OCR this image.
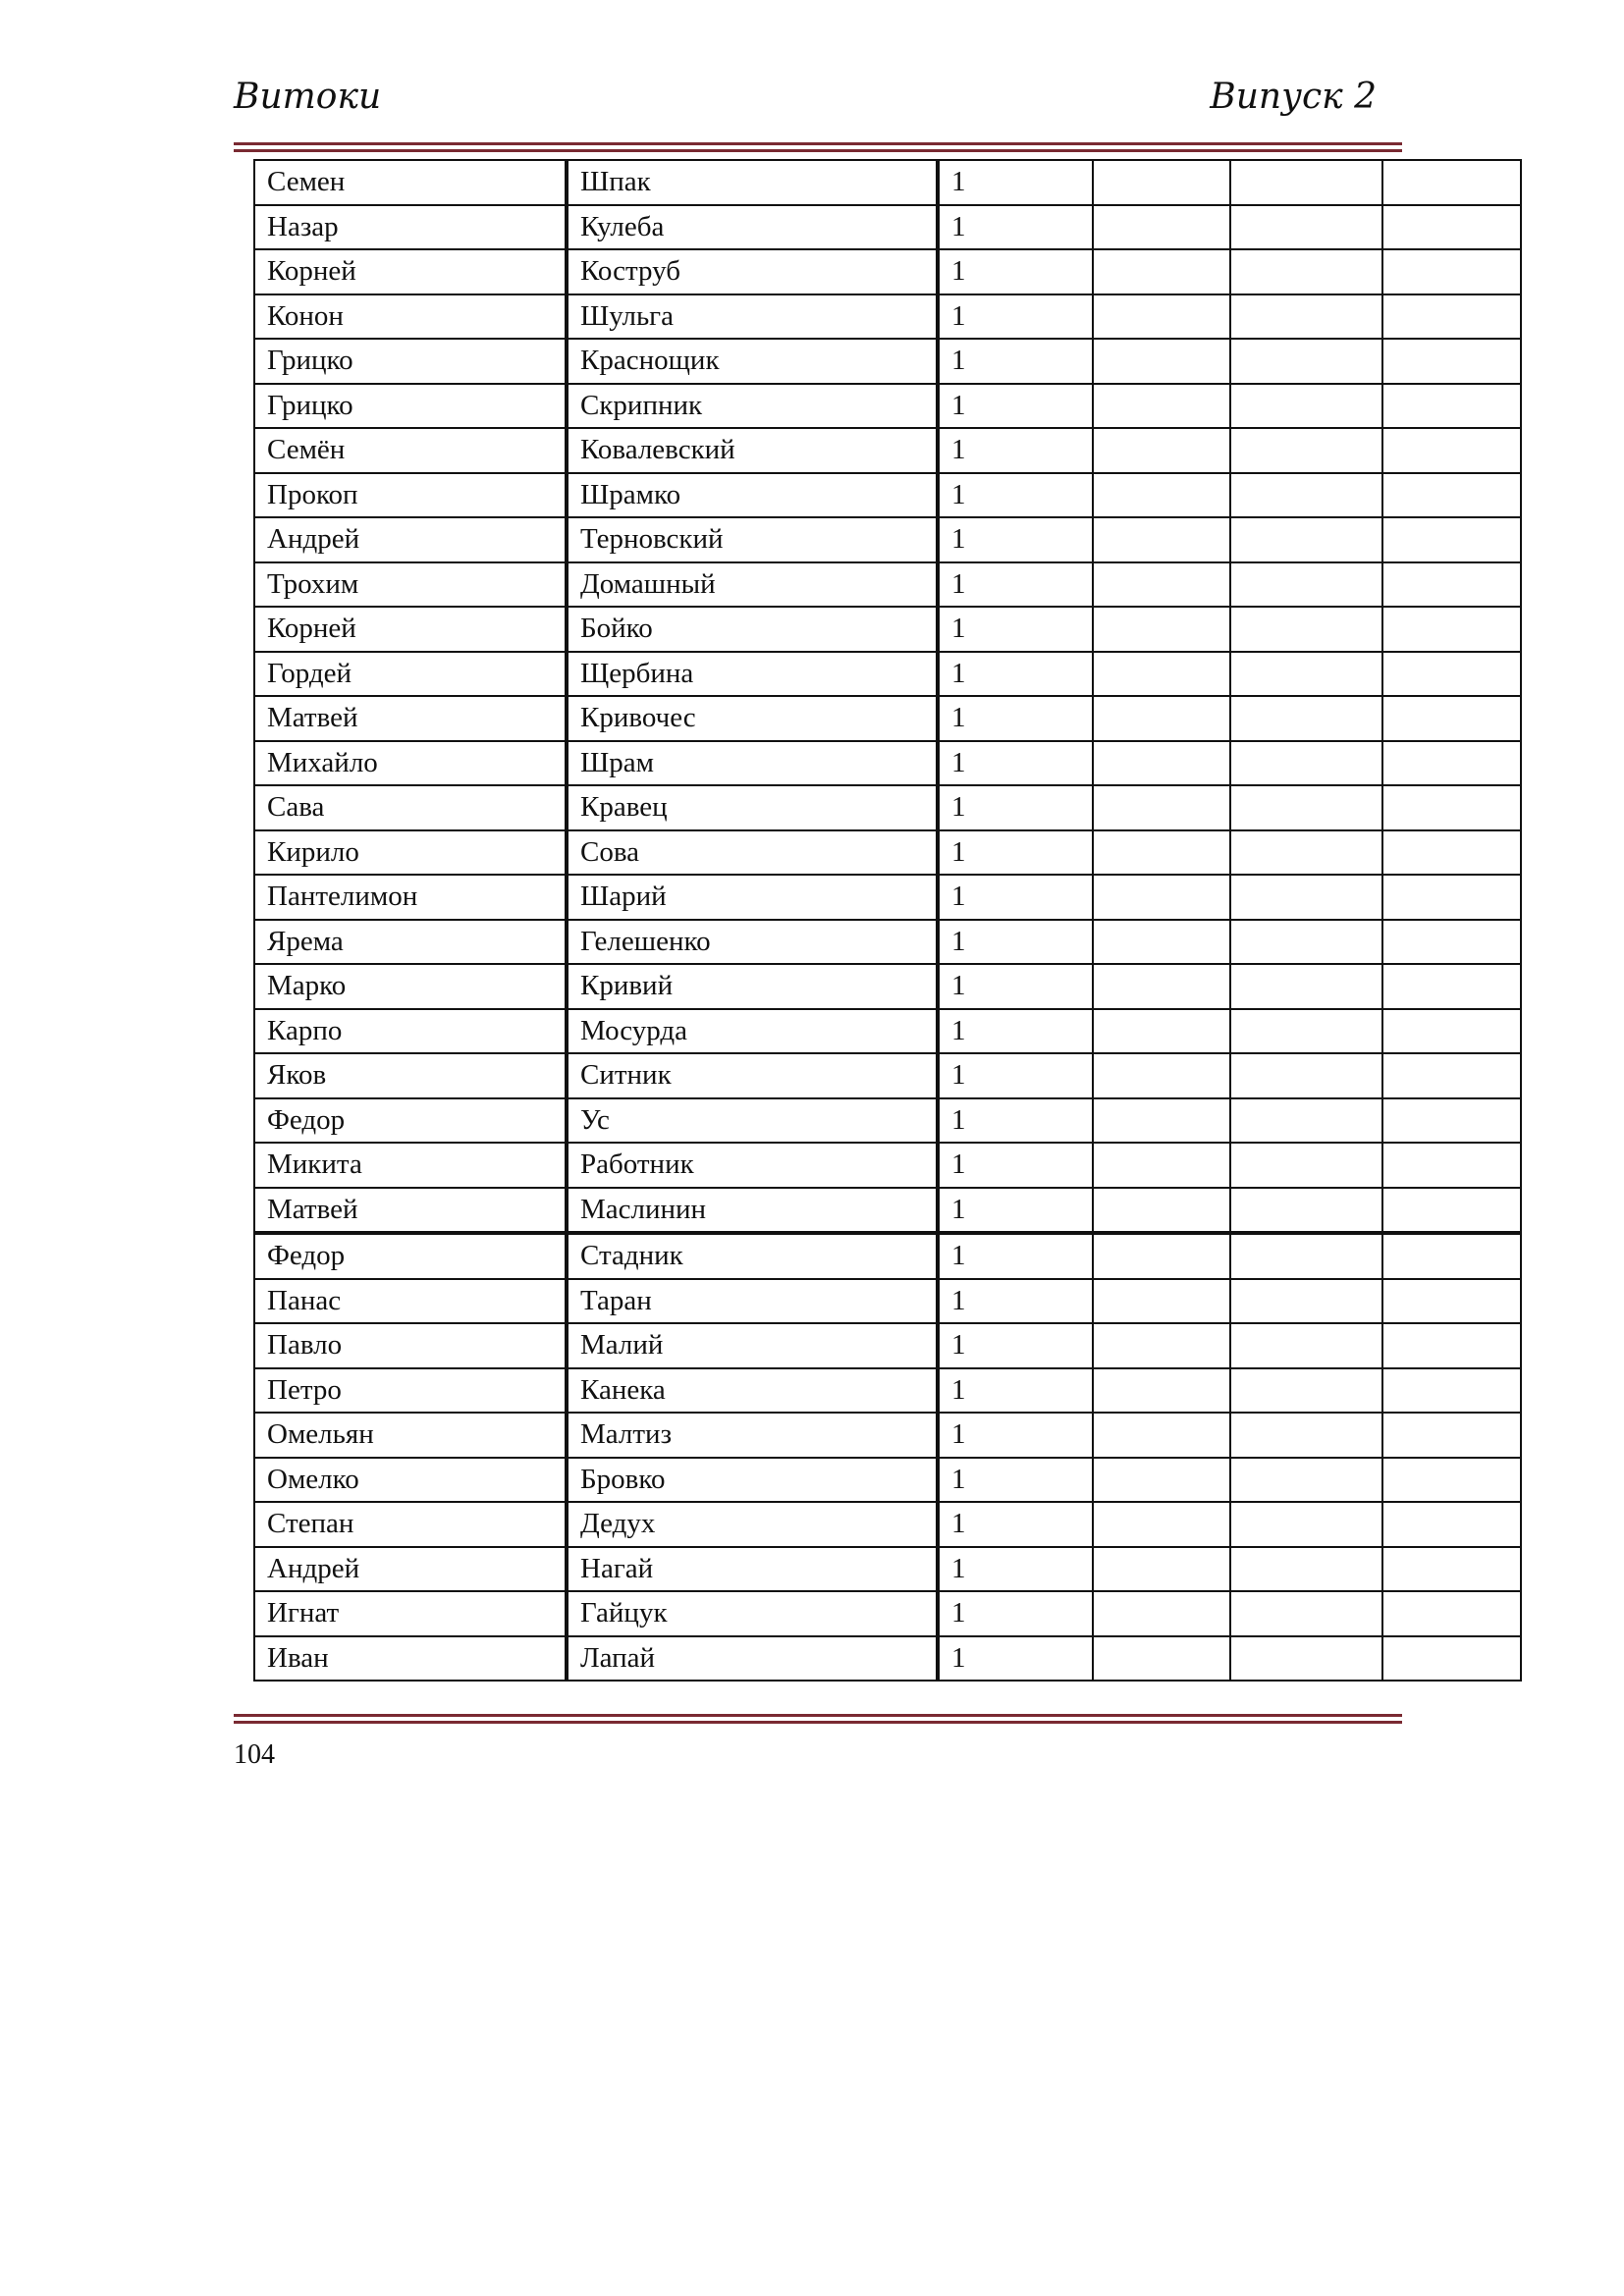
Витоки	Випуск 2
Семен	Шпак	1			
Назар	Кулеба	1			
Корней	Коструб	1			
Конон	Шульга	1			
Грицко	Краснощик	1			
Грицко	Скрипник	1			
Семён	Ковалевский	1			
Прокоп	Шрамко	1			
Андрей	Терновский	1			
Трохим	Домашный	1			
Корней	Бойко	1			
Гордей	Щербина	1			
Матвей	Кривочес	1			
Михайло	Шрам	1			
Сава	Кравец	1			
Кирило	Сова	1			
Пантелимон	Шарий	1			
Ярема	Гелешенко	1			
Марко	Кривий	1			
Карпо	Мосурда	1			
Яков	Ситник	1			
Федор	Ус	1			
Микита	Работник	1			
Матвей	Маслинин	1			
Федор	Стадник	1			
Панас	Таран	1			
Павло	Малий	1			
Петро	Канека	1			
Омельян	Малтиз	1			
Омелко	Бровко	1			
Степан	Дедух	1			
Андрей	Нагай	1			
Игнат	Гайцук	1			
Иван	Лапай	1			
104
